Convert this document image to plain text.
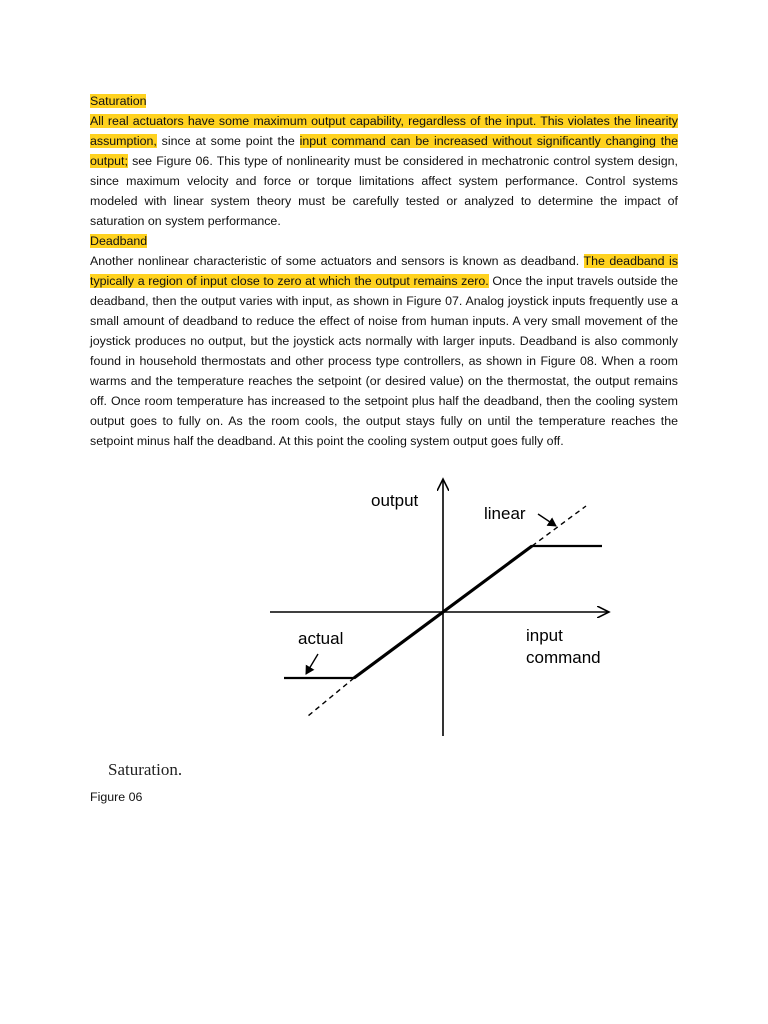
Saturation

All real actuators have some maximum output capability, regardless of the input. This violates the linearity assumption, since at some point the input command can be increased without significantly changing the output; see Figure 06. This type of nonlinearity must be considered in mechatronic control system design, since maximum velocity and force or torque limitations affect system performance. Control systems modeled with linear system theory must be carefully tested or analyzed to determine the impact of saturation on system performance.

Deadband

Another nonlinear characteristic of some actuators and sensors is known as deadband. The deadband is typically a region of input close to zero at which the output remains zero. Once the input travels outside the deadband, then the output varies with input, as shown in Figure 07. Analog joystick inputs frequently use a small amount of deadband to reduce the effect of noise from human inputs. A very small movement of the joystick produces no output, but the joystick acts normally with larger inputs. Deadband is also commonly found in household thermostats and other process type controllers, as shown in Figure 08. When a room warms and the temperature reaches the setpoint (or desired value) on the thermostat, the output remains off. Once room temperature has increased to the setpoint plus half the deadband, then the cooling system output goes to fully on. As the room cools, the output stays fully on until the temperature reaches the setpoint minus half the deadband. At this point the cooling system output goes fully off.

output
linear
actual	input
command
Saturation.
Figure 06
